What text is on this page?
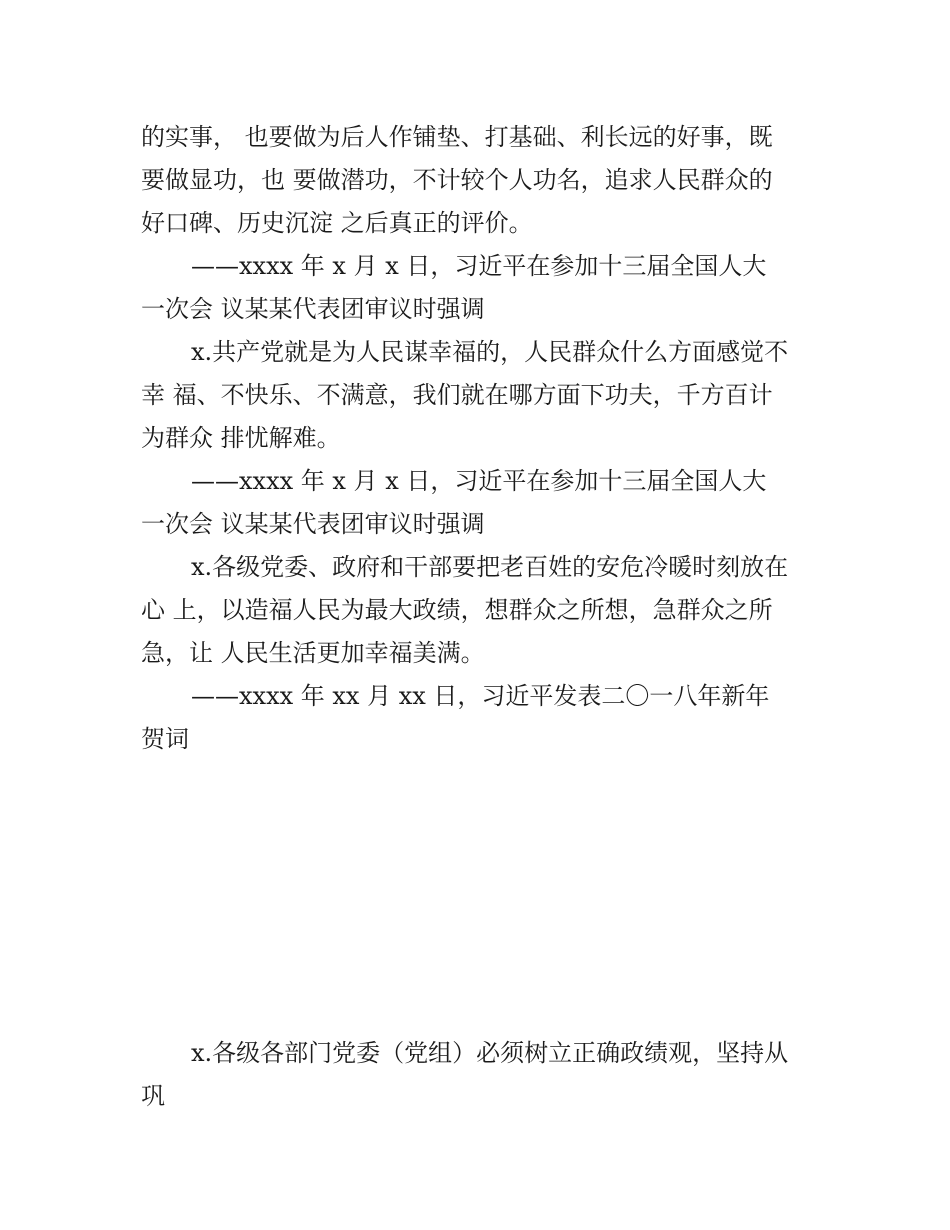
的实事， 也要做为后人作铺垫、打基础、利长远的好事，既
要做显功，也 要做潜功，不计较个人功名，追求人民群众的
好口碑、历史沉淀 之后真正的评价。
——xxxx 年 x 月 x 日，习近平在参加十三届全国人大
一次会 议某某代表团审议时强调
x.共产党就是为人民谋幸福的，人民群众什么方面感觉不
幸 福、不快乐、不满意，我们就在哪方面下功夫，千方百计
为群众 排忧解难。
——xxxx 年 x 月 x 日，习近平在参加十三届全国人大
一次会 议某某代表团审议时强调
x.各级党委、政府和干部要把老百姓的安危冷暖时刻放在
心 上，以造福人民为最大政绩，想群众之所想，急群众之所
急，让 人民生活更加幸福美满。
——xxxx 年 xx 月 xx 日，习近平发表二〇一八年新年
贺词
x.各级各部门党委（党组）必须树立正确政绩观，坚持从
巩
